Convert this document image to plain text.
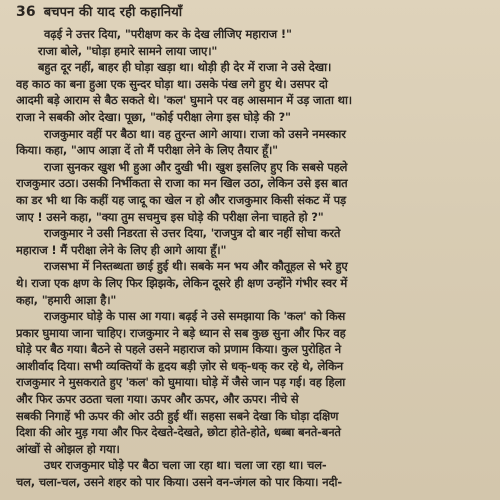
36 बचपन की याद रही कहानियाँ
वढ़ई ने उत्तर दिया, "परीक्षण कर के देख लीजिए महाराज !"
राजा बोले, "घोड़ा हमारे सामने लाया जाए।"
बहुत दूर नहीं, बाहर ही घोड़ा खड़ा था। थोड़ी ही देर में राजा ने उसे देखा।
वह काठ का बना हुआ एक सुन्दर घोड़ा था। उसके पंख लगे हुए थे। उसपर दो
आदमी बड़े आराम से बैठ सकते थे। 'कल' घुमाने पर वह आसमान में उड़ जाता था।
राजा ने सबकी ओर देखा। पूछा, "कोई परीक्षा लेगा इस घोड़े की ?"
राजकुमार वहीं पर बैठा था। वह तुरन्त आगे आया। राजा को उसने नमस्कार
किया। कहा, "आप आज्ञा दें तो मैं परीक्षा लेने के लिए तैयार हूँ।"
राजा सुनकर खुश भी हुआ और दुखी भी। खुश इसलिए हुए कि सबसे पहले
राजकुमार उठा। उसकी निर्भीकता से राजा का मन खिल उठा, लेकिन उसे इस बात
का डर भी था कि कहीं यह जादू का खेल न हो और राजकुमार किसी संकट में पड़
जाए ! उसने कहा, "क्या तुम सचमुच इस घोड़े की परीक्षा लेना चाहते हो ?"
राजकुमार ने उसी निडरता से उत्तर दिया, 'राजपुत्र दो बार नहीं सोचा करते
महाराज ! मैं परीक्षा लेने के लिए ही आगे आया हूँ।"
राजसभा में निस्तब्धता छाई हुई थी। सबके मन भय और कौतूहल से भरे हुए
थे। राजा एक क्षण के लिए फिर झिझके, लेकिन दूसरे ही क्षण उन्होंने गंभीर स्वर में
कहा, "हमारी आज्ञा है।"
राजकुमार घोड़े के पास आ गया। बढ़ई ने उसे समझाया कि 'कल' को किस
प्रकार घुमाया जाना चाहिए। राजकुमार ने बड़े ध्यान से सब कुछ सुना और फिर वह
घोड़े पर बैठ गया। बैठने से पहले उसने महाराज को प्रणाम किया। कुल पुरोहित ने
आशीर्वाद दिया। सभी व्यक्तियों के हृदय बड़ी ज़ोर से धक्-धक् कर रहे थे, लेकिन
राजकुमार ने मुसकराते हुए 'कल' को घुमाया। घोड़े में जैसे जान पड़ गई। वह हिला
और फिर ऊपर उठता चला गया। ऊपर और ऊपर, और ऊपर। नीचे से
सबकी निगाहें भी ऊपर की ओर उठी हुई थीं। सहसा सबने देखा कि घोड़ा दक्षिण
दिशा की ओर मुड़ गया और फिर देखते-देखते, छोटा होते-होते, धब्बा बनते-बनते
आंखों से ओझल हो गया।
उधर राजकुमार घोड़े पर बैठा चला जा रहा था। चला जा रहा था। चल-
चल, चला-चल, उसने शहर को पार किया। उसने वन-जंगल को पार किया। नदी-
